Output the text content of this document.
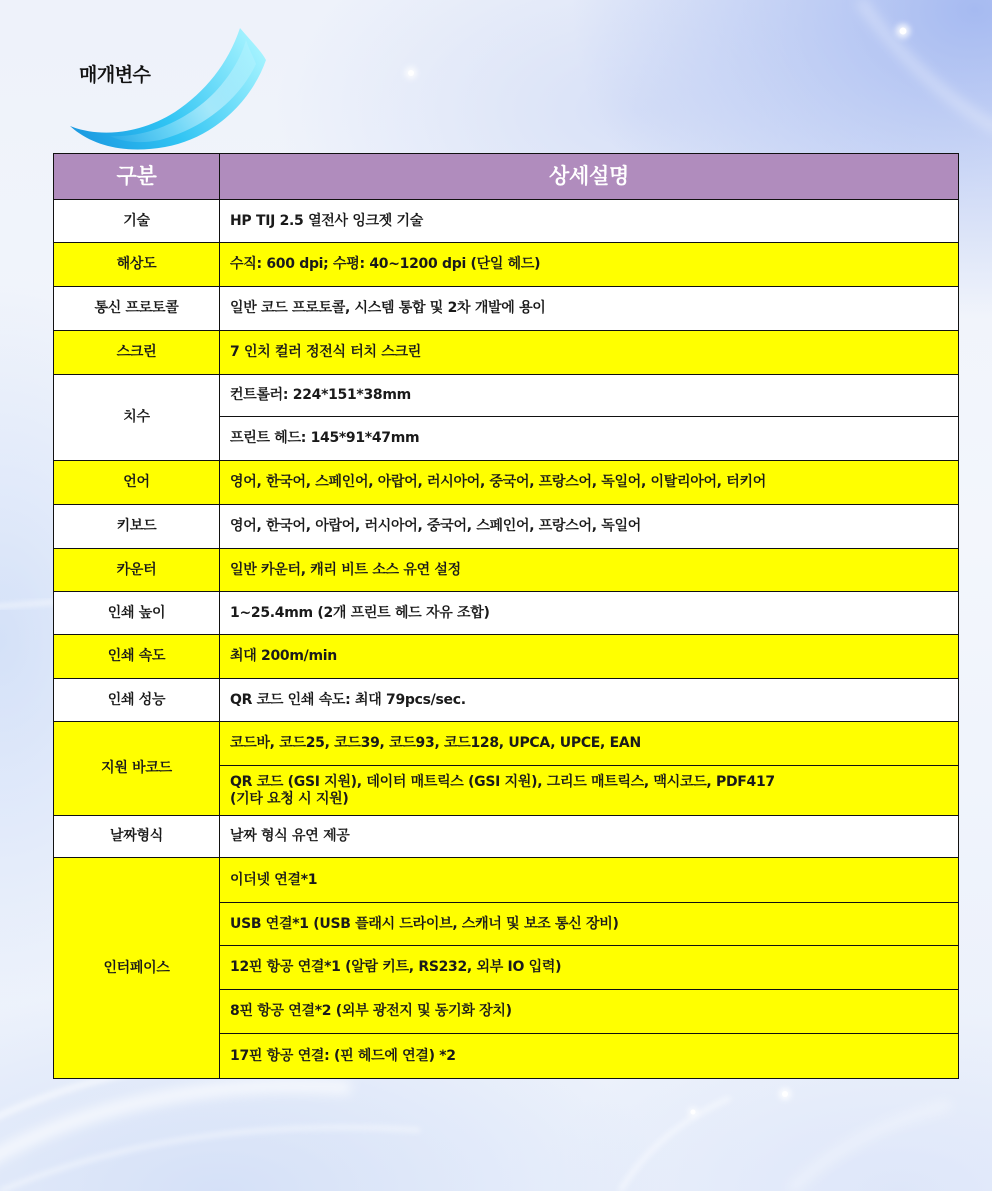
매개변수
구분	상세설명
기술	HP TIJ 2.5 열전사 잉크젯 기술
해상도	수직: 600 dpi; 수평: 40~1200 dpi (단일 헤드)
통신 프로토콜	일반 코드 프로토콜, 시스템 통합 및 2차 개발에 용이
스크린	7 인치 컬러 정전식 터치 스크린
치수	컨트롤러: 224*151*38mm
	프린트 헤드: 145*91*47mm
언어	영어, 한국어, 스페인어, 아랍어, 러시아어, 중국어, 프랑스어, 독일어, 이탈리아어, 터키어
키보드	영어, 한국어, 아랍어, 러시아어, 중국어, 스페인어, 프랑스어, 독일어
카운터	일반 카운터, 캐리 비트 소스 유연 설정
인쇄 높이	1~25.4mm (2개 프린트 헤드 자유 조합)
인쇄 속도	최대 200m/min
인쇄 성능	QR 코드 인쇄 속도: 최대 79pcs/sec.
지원 바코드	코드바, 코드25, 코드39, 코드93, 코드128, UPCA, UPCE, EAN
	QR 코드 (GSI 지원), 데이터 매트릭스 (GSI 지원), 그리드 매트릭스, 맥시코드, PDF417
(기타 요청 시 지원)
날짜형식	날짜 형식 유연 제공
인터페이스	이더넷 연결*1
	USB 연결*1 (USB 플래시 드라이브, 스캐너 및 보조 통신 장비)
	12핀 항공 연결*1 (알람 키트, RS232, 외부 IO 입력)
	8핀 항공 연결*2 (외부 광전지 및 동기화 장치)
	17핀 항공 연결: (핀 헤드에 연결) *2
